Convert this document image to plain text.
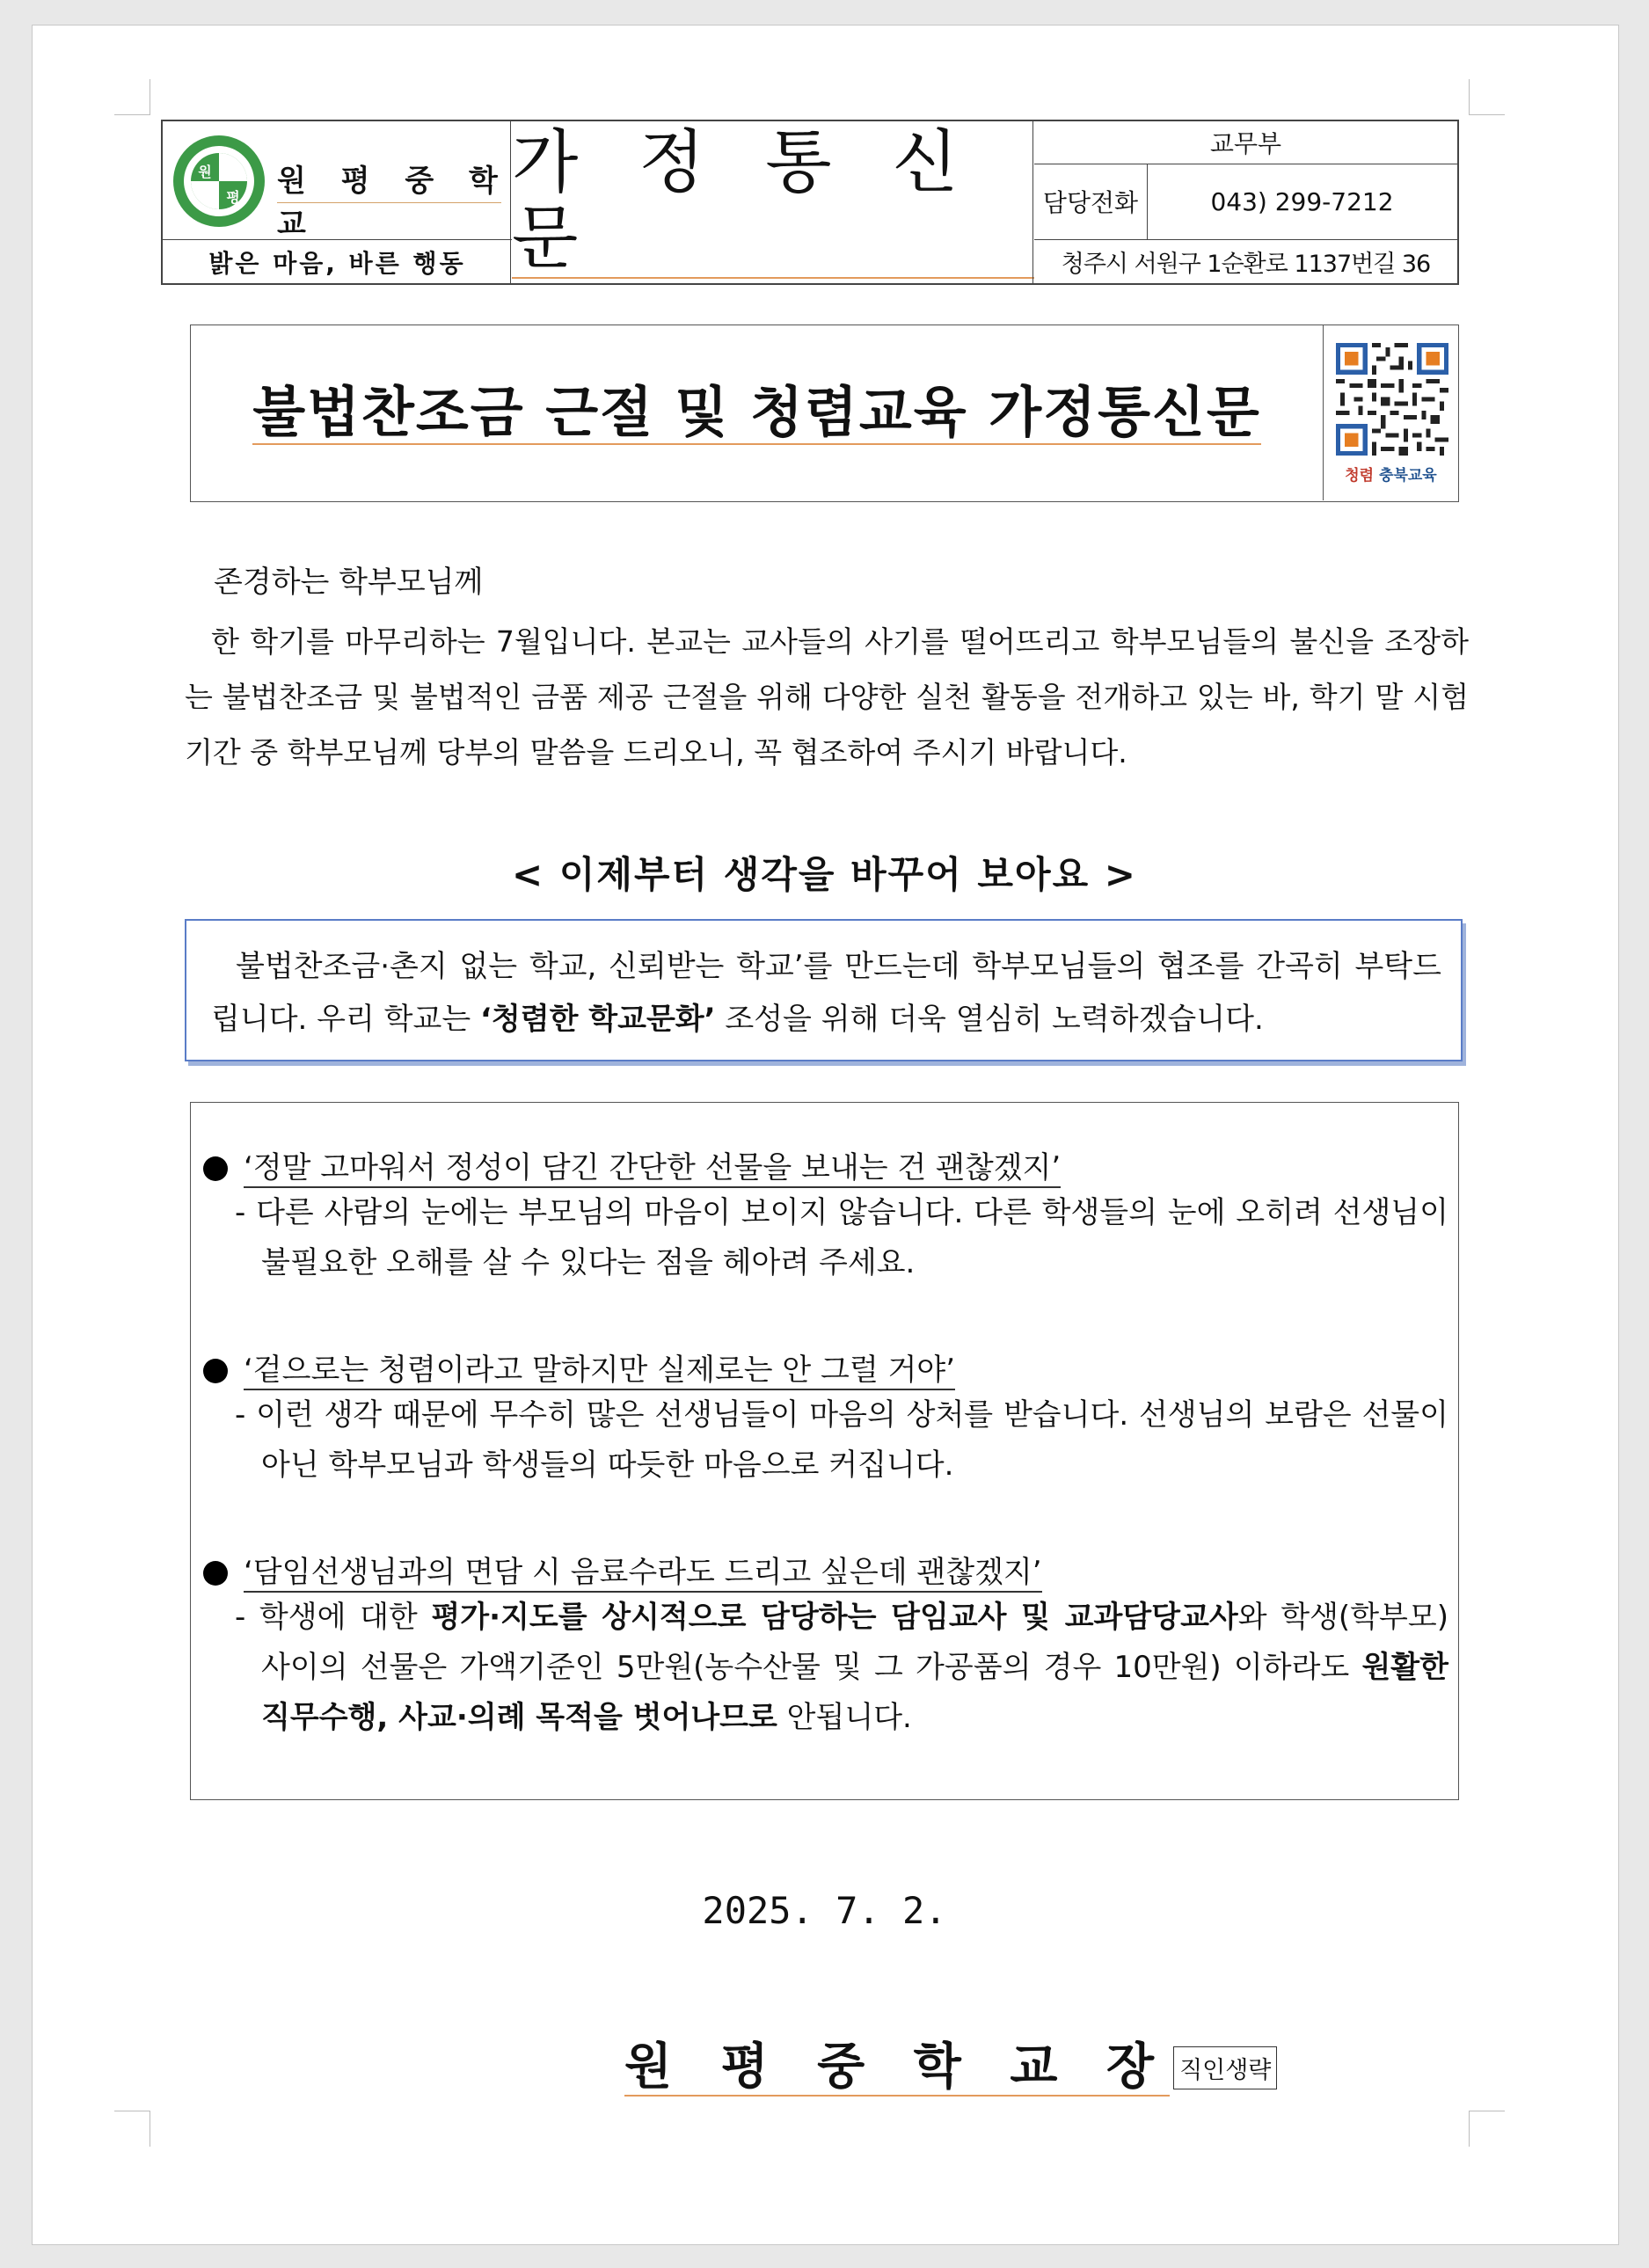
원
평 원 평 중 학 교
밝은 마음, 바른 행동
가 정 통 신 문
교무부
담당전화	043) 299-7212
청주시 서원구 1순환로 1137번길 36
불법찬조금 근절 및 청렴교육 가정통신문
청렴 충북교육
존경하는 학부모님께
한 학기를 마무리하는 7월입니다. 본교는 교사들의 사기를 떨어뜨리고 학부모님들의 불신을 조장하는 불법찬조금 및 불법적인 금품 제공 근절을 위해 다양한 실천 활동을 전개하고 있는 바, 학기 말 시험 기간 중 학부모님께 당부의 말씀을 드리오니, 꼭 협조하여 주시기 바랍니다.
< 이제부터 생각을 바꾸어 보아요 >

불법찬조금·촌지 없는 학교, 신뢰받는 학교’를 만드는데 학부모님들의 협조를 간곡히 부탁드립니다. 우리 학교는 ‘청렴한 학교문화’ 조성을 위해 더욱 열심히 노력하겠습니다.

‘정말 고마워서 정성이 담긴 간단한 선물을 보내는 건 괜찮겠지’
- 다른 사람의 눈에는 부모님의 마음이 보이지 않습니다. 다른 학생들의 눈에 오히려 선생님이 불필요한 오해를 살 수 있다는 점을 헤아려 주세요.
‘겉으로는 청렴이라고 말하지만 실제로는 안 그럴 거야’
- 이런 생각 때문에 무수히 많은 선생님들이 마음의 상처를 받습니다. 선생님의 보람은 선물이 아닌 학부모님과 학생들의 따듯한 마음으로 커집니다.
‘담임선생님과의 면담 시 음료수라도 드리고 싶은데 괜찮겠지’
- 학생에 대한 평가·지도를 상시적으로 담당하는 담임교사 및 교과담당교사와 학생(학부모) 사이의 선물은 가액기준인 5만원(농수산물 및 그 가공품의 경우 10만원) 이하라도 원활한 직무수행, 사교·의례 목적을 벗어나므로 안됩니다.
2025. 7. 2.
원 평 중 학 교 장 직인생략
